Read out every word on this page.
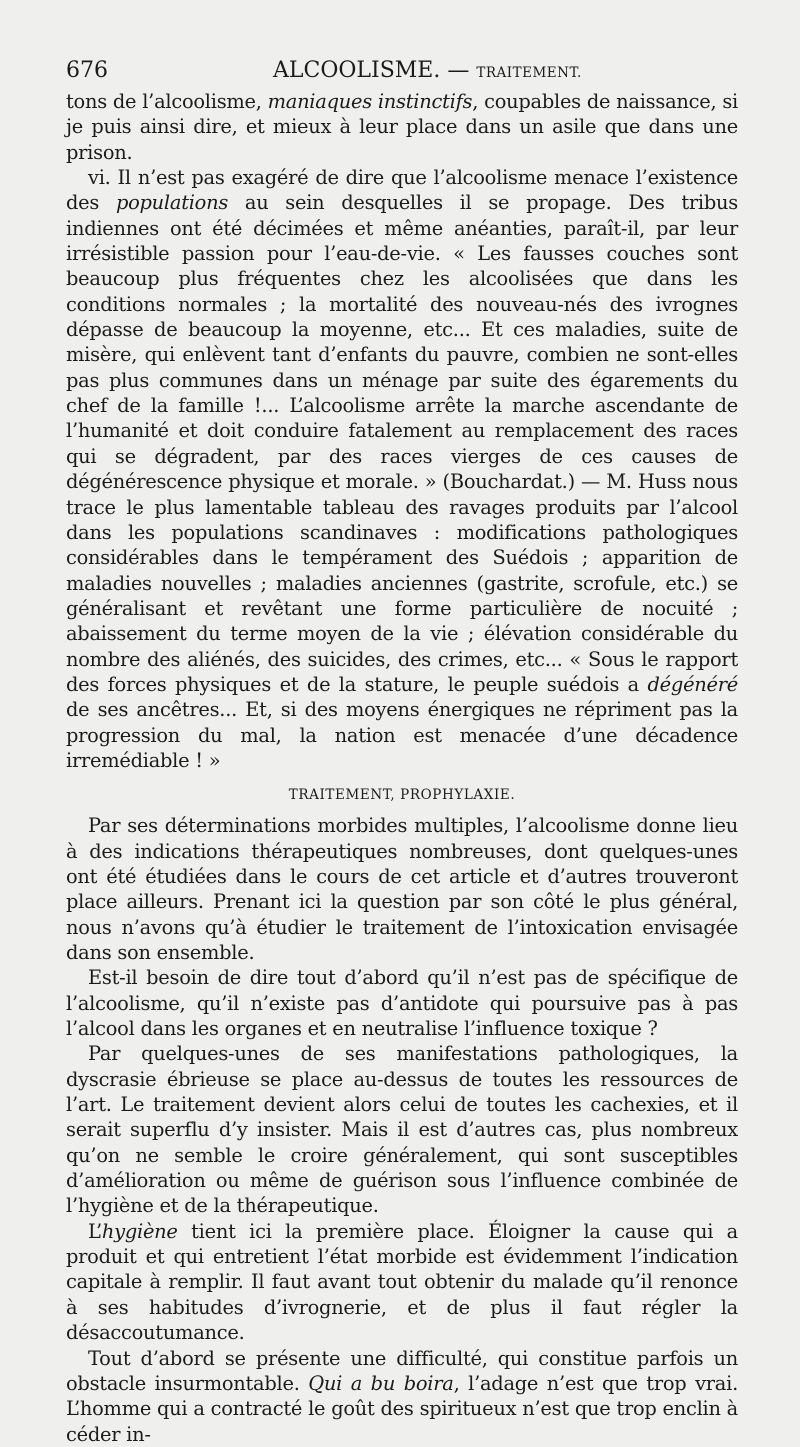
676	ALCOOLISME. — TRAITEMENT.

tons de l’alcoolisme, maniaques instinctifs, coupables de naissance, si je puis ainsi dire, et mieux à leur place dans un asile que dans une prison.

vi. Il n’est pas exagéré de dire que l’alcoolisme menace l’existence des populations au sein desquelles il se propage. Des tribus indiennes ont été décimées et même anéanties, paraît-il, par leur irrésistible passion pour l’eau-de-vie. « Les fausses couches sont beaucoup plus fréquentes chez les alcoolisées que dans les conditions normales ; la mortalité des nouveau-nés des ivrognes dépasse de beaucoup la moyenne, etc... Et ces maladies, suite de misère, qui enlèvent tant d’enfants du pauvre, combien ne sont-elles pas plus communes dans un ménage par suite des égarements du chef de la famille !... L’alcoolisme arrête la marche ascendante de l’humanité et doit conduire fatalement au remplacement des races qui se dégradent, par des races vierges de ces causes de dégénérescence physique et morale. » (Bouchardat.) — M. Huss nous trace le plus lamentable tableau des ravages produits par l’alcool dans les populations scandinaves : modifications pathologiques considérables dans le tempérament des Suédois ; apparition de maladies nouvelles ; maladies anciennes (gastrite, scrofule, etc.) se généralisant et revêtant une forme particulière de nocuité ; abaissement du terme moyen de la vie ; élévation considérable du nombre des aliénés, des suicides, des crimes, etc... « Sous le rapport des forces physiques et de la stature, le peuple suédois a dégénéré de ses ancêtres... Et, si des moyens énergiques ne répriment pas la progression du mal, la nation est menacée d’une décadence irremédiable ! »

TRAITEMENT, PROPHYLAXIE.

Par ses déterminations morbides multiples, l’alcoolisme donne lieu à des indications thérapeutiques nombreuses, dont quelques-unes ont été étudiées dans le cours de cet article et d’autres trouveront place ailleurs. Prenant ici la question par son côté le plus général, nous n’avons qu’à étudier le traitement de l’intoxication envisagée dans son ensemble.

Est-il besoin de dire tout d’abord qu’il n’est pas de spécifique de l’alcoolisme, qu’il n’existe pas d’antidote qui poursuive pas à pas l’alcool dans les organes et en neutralise l’influence toxique ?

Par quelques-unes de ses manifestations pathologiques, la dyscrasie ébrieuse se place au-dessus de toutes les ressources de l’art. Le traitement devient alors celui de toutes les cachexies, et il serait superflu d’y insister. Mais il est d’autres cas, plus nombreux qu’on ne semble le croire généralement, qui sont susceptibles d’amélioration ou même de guérison sous l’influence combinée de l’hygiène et de la thérapeutique.

L’hygiène tient ici la première place. Éloigner la cause qui a produit et qui entretient l’état morbide est évidemment l’indication capitale à remplir. Il faut avant tout obtenir du malade qu’il renonce à ses habitudes d’ivrognerie, et de plus il faut régler la désaccoutumance.

Tout d’abord se présente une difficulté, qui constitue parfois un obstacle insurmontable. Qui a bu boira, l’adage n’est que trop vrai. L’homme qui a contracté le goût des spiritueux n’est que trop enclin à céder in-
